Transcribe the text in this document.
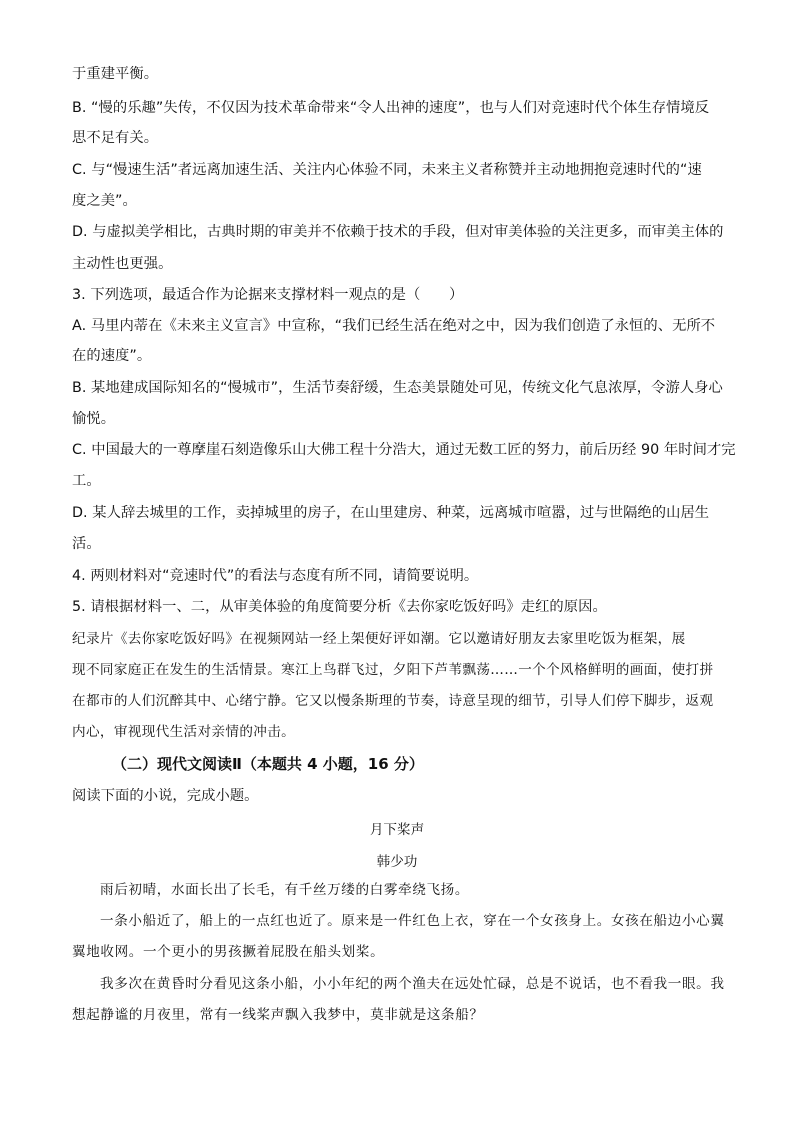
于重建平衡。
B. “慢的乐趣”失传，不仅因为技术革命带来“令人出神的速度”，也与人们对竞速时代个体生存情境反
思不足有关。
C. 与“慢速生活”者远离加速生活、关注内心体验不同，未来主义者称赞并主动地拥抱竞速时代的“速
度之美”。
D. 与虚拟美学相比，古典时期的审美并不依赖于技术的手段，但对审美体验的关注更多，而审美主体的
主动性也更强。
3. 下列选项，最适合作为论据来支撑材料一观点的是（　　）
A. 马里内蒂在《未来主义宣言》中宣称，“我们已经生活在绝对之中，因为我们创造了永恒的、无所不
在的速度”。
B. 某地建成国际知名的“慢城市”，生活节奏舒缓，生态美景随处可见，传统文化气息浓厚，令游人身心
愉悦。
C. 中国最大的一尊摩崖石刻造像乐山大佛工程十分浩大，通过无数工匠的努力，前后历经 90 年时间才完
工。
D. 某人辞去城里的工作，卖掉城里的房子，在山里建房、种菜，远离城市喧嚣，过与世隔绝的山居生
活。
4. 两则材料对“竞速时代”的看法与态度有所不同，请简要说明。
5. 请根据材料一、二，从审美体验的角度简要分析《去你家吃饭好吗》走红的原因。
纪录片《去你家吃饭好吗》在视频网站一经上架便好评如潮。它以邀请好朋友去家里吃饭为框架，展
现不同家庭正在发生的生活情景。寒江上鸟群飞过，夕阳下芦苇飘荡……一个个风格鲜明的画面，使打拼
在都市的人们沉醉其中、心绪宁静。它又以慢条斯理的节奏，诗意呈现的细节，引导人们停下脚步，返观
内心，审视现代生活对亲情的冲击。
（二）现代文阅读Ⅱ（本题共 4 小题，16 分）
阅读下面的小说，完成小题。
月下桨声
韩少功
雨后初晴，水面长出了长毛，有千丝万缕的白雾牵绕飞扬。
一条小船近了，船上的一点红也近了。原来是一件红色上衣，穿在一个女孩身上。女孩在船边小心翼
翼地收网。一个更小的男孩撅着屁股在船头划桨。
我多次在黄昏时分看见这条小船，小小年纪的两个渔夫在远处忙碌，总是不说话，也不看我一眼。我
想起静谧的月夜里，常有一线桨声飘入我梦中，莫非就是这条船？
